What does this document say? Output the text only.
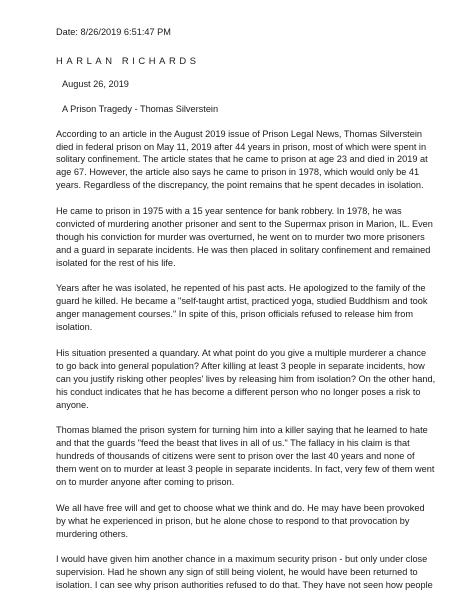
Date: 8/26/2019 6:51:47 PM
HARLAN RICHARDS
August 26, 2019
A Prison Tragedy - Thomas Silverstein

According to an article in the August 2019 issue of Prison Legal News, Thomas Silverstein died in federal prison on May 11, 2019 after 44 years in prison, most of which were spent in solitary confinement. The article states that he came to prison at age 23 and died in 2019 at age 67. However, the article also says he came to prison in 1978, which would only be 41 years. Regardless of the discrepancy, the point remains that he spent decades in isolation.

He came to prison in 1975 with a 15 year sentence for bank robbery. In 1978, he was convicted of murdering another prisoner and sent to the Supermax prison in Marion, IL. Even though his conviction for murder was overturned, he went on to murder two more prisoners and a guard in separate incidents. He was then placed in solitary confinement and remained isolated for the rest of his life.

Years after he was isolated, he repented of his past acts. He apologized to the family of the guard he killed. He became a "self-taught artist, practiced yoga, studied Buddhism and took anger management courses." In spite of this, prison officials refused to release him from isolation.

His situation presented a quandary. At what point do you give a multiple murderer a chance to go back into general population? After killing at least 3 people in separate incidents, how can you justify risking other peoples' lives by releasing him from isolation? On the other hand, his conduct indicates that he has become a different person who no longer poses a risk to anyone.

Thomas blamed the prison system for turning him into a killer saying that he learned to hate and that the guards "feed the beast that lives in all of us." The fallacy in his claim is that hundreds of thousands of citizens were sent to prison over the last 40 years and none of them went on to murder at least 3 people in separate incidents. In fact, very few of them went on to murder anyone after coming to prison.

We all have free will and get to choose what we think and do. He may have been provoked by what he experienced in prison, but he alone chose to respond to that provocation by murdering others.

I would have given him another chance in a maximum security prison - but only under close supervision. Had he shown any sign of still being violent, he would have been returned to isolation. I can see why prison authorities refused to do that. They have not seen how people
